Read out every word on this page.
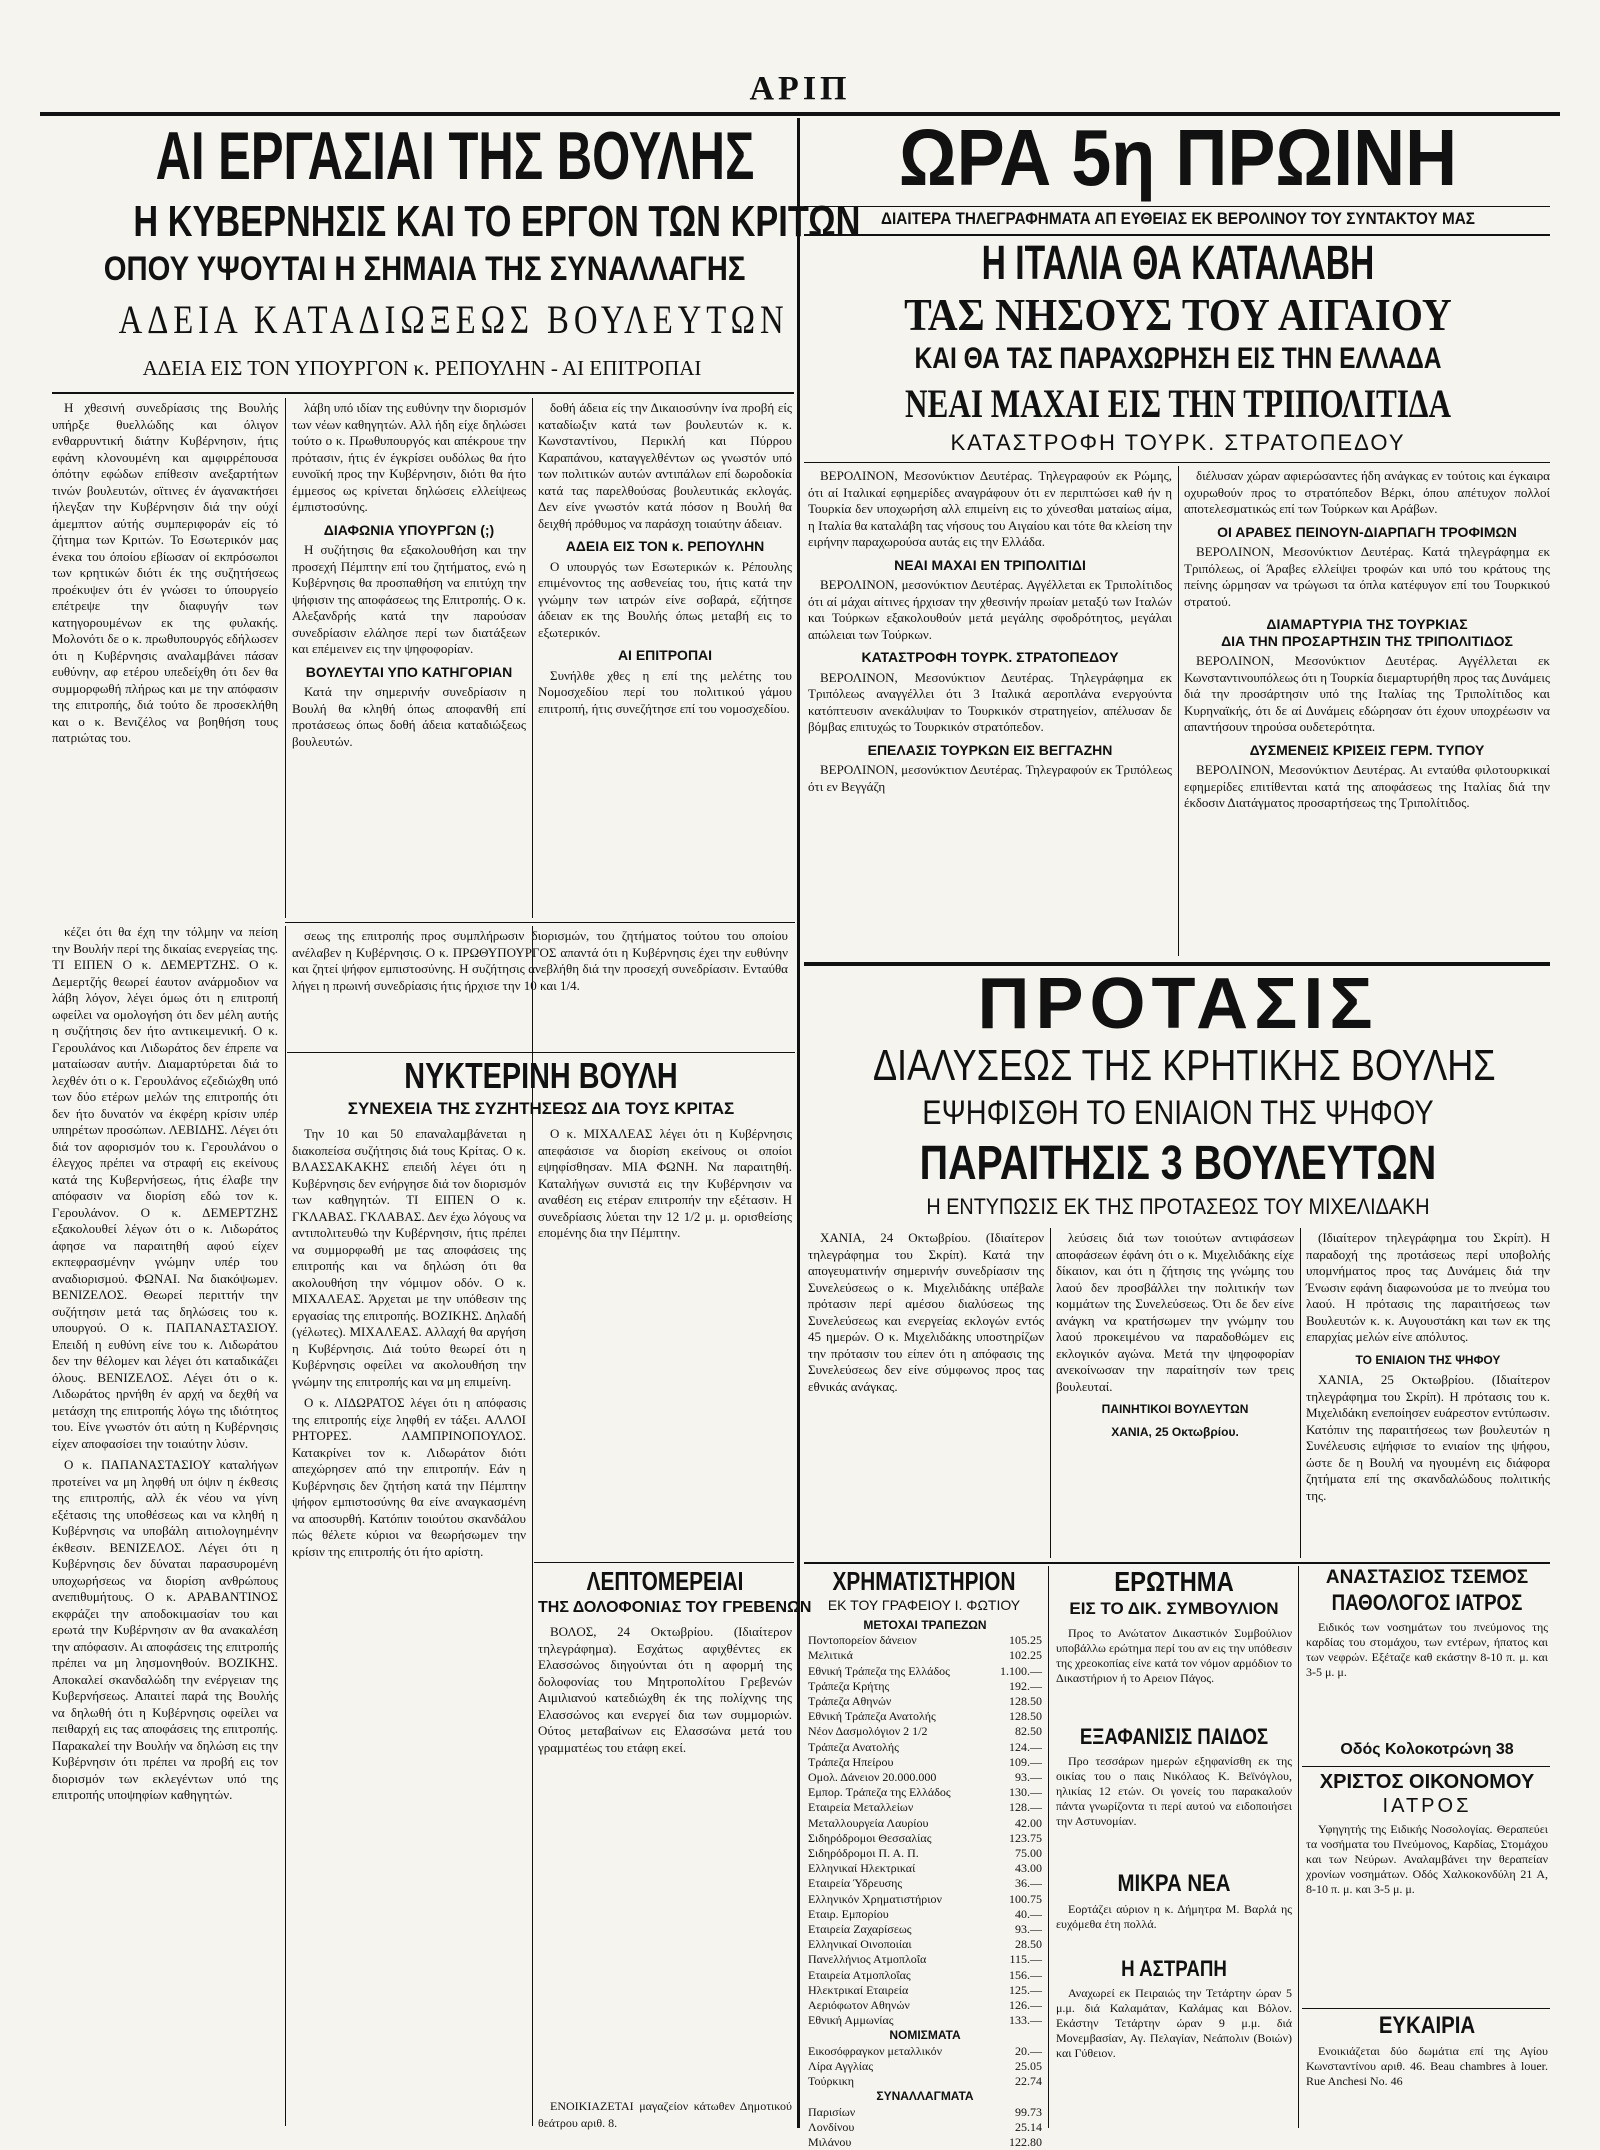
ΑΡΙΠ
ΑΙ ΕΡΓΑΣΙΑΙ ΤΗΣ ΒΟΥΛΗΣ
Η ΚΥΒΕΡΝΗΣΙΣ ΚΑΙ ΤΟ ΕΡΓΟΝ ΤΩΝ ΚΡΙΤΩΝ
ΟΠΟΥ ΥΨΟΥΤΑΙ Η ΣΗΜΑΙΑ ΤΗΣ ΣΥΝΑΛΛΑΓΗΣ
ΑΔΕΙΑ ΚΑΤΑΔΙΩΞΕΩΣ ΒΟΥΛΕΥΤΩΝ
ΑΔΕΙΑ ΕΙΣ ΤΟΝ ΥΠΟΥΡΓΟΝ κ. ΡΕΠΟΥΛΗΝ - ΑΙ ΕΠΙΤΡΟΠΑΙ

Η χθεσινή συνεδρίασις της Βουλής υπήρξε θυελλώδης και όλιγον ενθαρρυντική διάτην Κυβέρνησιν, ήτις εφάνη κλονουμένη και αμφιρρέπουσα όπότην εφώδων επίθεσιν ανεξαρτήτων τινών βουλευτών, οϊτινες έν άγανακτήσει ήλεγξαν την Κυβέρνησιν διά την ούχί άμεμπτον αύτής συμπεριφοράν είς τό ζήτημα των Κριτών. Το Εσωτερικόν μας ένεκα του όποίου εβίωσαν οί εκπρόσωποι των κρητικών διότι έκ της συζητήσεως προέκυψεν ότι έν γνώσει το ύπουργείο επέτρεψε την διαφυγήν των κατηγορουμένων εκ της φυλακής. Μολονότι δε ο κ. πρωθυπουργός εδήλωσεν ότι η Κυβέρνησις αναλαμβάνει πάσαν ευθύνην, αφ ετέρου υπεδείχθη ότι δεν θα συμμορφωθή πλήρως και με την απόφασιν της επιτροπής, διά τούτο δε προσεκλήθη και ο κ. Βενιζέλος να βοηθήση τους πατριώτας του.

λάβη υπό ιδίαν της ευθύνην την διορισμόν των νέων καθηγητών. Αλλ ήδη είχε δηλώσει τούτο ο κ. Πρωθυπουργός και απέκρουε την πρότασιν, ήτις έν έγκρίσει ουδόλως θα ήτο ευνοϊκή προς την Κυβέρνησιν, διότι θα ήτο έμμεσος ως κρίνεται δηλώσεις ελλείψεως έμπιστοσύνης.

ΔΙΑΦΩΝΙΑ ΥΠΟΥΡΓΩΝ (;)

Η συζήτησις θα εξακολουθήση και την προσεχή Πέμπτην επί του ζητήματος, ενώ η Κυβέρνησις θα προσπαθήση να επιτύχη την ψήφισιν της αποφάσεως της Επιτροπής. Ο κ. Αλεξανδρής κατά την παρούσαν συνεδρίασιν ελάλησε περί των διατάξεων και επέμεινεν εις την ψηφοφορίαν.

ΒΟΥΛΕΥΤΑΙ ΥΠΟ ΚΑΤΗΓΟΡΙΑΝ

Κατά την σημερινήν συνεδρίασιν η Βουλή θα κληθή όπως αποφανθή επί προτάσεως όπως δοθή άδεια καταδιώξεως βουλευτών.

δοθή άδεια είς την Δικαιοσύνην ίνα προβή είς καταδίωξιν κατά των βουλευτών κ. κ. Κωνσταντίνου, Περικλή και Πύρρου Καραπάνου, καταγγελθέντων ως γνωστόν υπό των πολιτικών αυτών αντιπάλων επί δωροδοκία κατά τας παρελθούσας βουλευτικάς εκλογάς. Δεν είνε γνωστόν κατά πόσον η Βουλή θα δειχθή πρόθυμος να παράσχη τοιαύτην άδειαν.

ΑΔΕΙΑ ΕΙΣ ΤΟΝ κ. ΡΕΠΟΥΛΗΝ

Ο υπουργός των Εσωτερικών κ. Ρέπουλης επιμένοντος της ασθενείας του, ήτις κατά την γνώμην των ιατρών είνε σοβαρά, εζήτησε άδειαν εκ της Βουλής όπως μεταβή εις το εξωτερικόν.

ΑΙ ΕΠΙΤΡΟΠΑΙ

Συνήλθε χθες η επί της μελέτης του Νομοσχεδίου περί του πολιτικού γάμου επιτροπή, ήτις συνεζήτησε επί του νομοσχεδίου.

κέζει ότι θα έχη την τόλμην να πείση την Βουλήν περί της δικαίας ενεργείας της. ΤΙ ΕΙΠΕΝ Ο κ. ΔΕΜΕΡΤΖΗΣ. Ο κ. Δεμερτζής θεωρεί έαυτον ανάρμοδιον να λάβη λόγον, λέγει όμως ότι η επιτροπή ωφείλει να ομολογήση ότι δεν μέλη αυτής η συζήτησις δεν ήτο αντικειμενική. Ο κ. Γερουλάνος και Λιδωράτος δεν έπρεπε να ματαίωσαν αυτήν. Διαμαρτύρεται διά το λεχθέν ότι ο κ. Γερουλάνος εζεδιώχθη υπό των δύο ετέρων μελών της επιτροπής ότι δεν ήτο δυνατόν να έκφέρη κρίσιν υπέρ υπηρέτων προσώπων. ΛΕΒΙΔΗΣ. Λέγει ότι διά τον αφορισμόν του κ. Γερουλάνου ο έλεγχος πρέπει να στραφή εις εκείνους κατά της Κυβερνήσεως, ήτις έλαβε την απόφασιν να διορίση εδώ τον κ. Γερουλάνον. Ο κ. ΔΕΜΕΡΤΖΗΣ εξακολουθεί λέγων ότι ο κ. Λιδωράτος άφησε να παραιτηθή αφού είχεν εκπεφρασμένην γνώμην υπέρ του αναδιορισμού. ΦΩΝΑΙ. Να διακόψωμεν. ΒΕΝΙΖΕΛΟΣ. Θεωρεί περιττήν την συζήτησιν μετά τας δηλώσεις του κ. υπουργού. Ο κ. ΠΑΠΑΝΑΣΤΑΣΙΟΥ. Επειδή η ευθύνη είνε του κ. Λιδωράτου δεν την θέλομεν και λέγει ότι καταδικάζει όλους. ΒΕΝΙΖΕΛΟΣ. Λέγει ότι ο κ. Λιδωράτος ηρνήθη έν αρχή να δεχθή να μετάσχη της επιτροπής λόγω της ιδιότητος του. Είνε γνωστόν ότι αύτη η Κυβέρνησις είχεν αποφασίσει την τοιαύτην λύσιν.

Ο κ. ΠΑΠΑΝΑΣΤΑΣΙΟΥ καταλήγων προτείνει να μη ληφθή υπ όψιν η έκθεσις της επιτροπής, αλλ έκ νέου να γίνη εξέτασις της υποθέσεως και να κληθή η Κυβέρνησις να υποβάλη αιτιολογημένην έκθεσιν. ΒΕΝΙΖΕΛΟΣ. Λέγει ότι η Κυβέρνησις δεν δύναται παρασυρομένη υποχωρήσεως να διορίση ανθρώπους ανεπιθυμήτους. Ο κ. ΑΡΑΒΑΝΤΙΝΟΣ εκφράζει την αποδοκιμασίαν του και ερωτά την Κυβέρνησιν αν θα ανακαλέση την απόφασιν. Αι αποφάσεις της επιτροπής πρέπει να μη λησμονηθούν. ΒΟΖΙΚΗΣ. Αποκαλεί σκανδαλώδη την ενέργειαν της Κυβερνήσεως. Απαιτεί παρά της Βουλής να δηλωθή ότι η Κυβέρνησις οφείλει να πειθαρχή εις τας αποφάσεις της επιτροπής. Παρακαλεί την Βουλήν να δηλώση εις την Κυβέρνησιν ότι πρέπει να προβή εις τον διορισμόν των εκλεγέντων υπό της επιτροπής υποψηφίων καθηγητών.

σεως της επιτροπής προς συμπλήρωσιν διορισμών, του ζητήματος τούτου του οποίου ανέλαβεν η Κυβέρνησις. Ο κ. ΠΡΩΘΥΠΟΥΡΓΟΣ απαντά ότι η Κυβέρνησις έχει την ευθύνην και ζητεί ψήφον εμπιστοσύνης. Η συζήτησις ανεβλήθη διά την προσεχή συνεδρίασιν. Ενταύθα λήγει η πρωινή συνεδρίασις ήτις ήρχισε την 10 και 1/4.

ΝΥΚΤΕΡΙΝΗ ΒΟΥΛΗ
ΣΥΝΕΧΕΙΑ ΤΗΣ ΣΥΖΗΤΗΣΕΩΣ ΔΙΑ ΤΟΥΣ ΚΡΙΤΑΣ

Την 10 και 50 επαναλαμβάνεται η διακοπείσα συζήτησις διά τους Κρίτας. Ο κ. ΒΛΑΣΣΑΚΑΚΗΣ επειδή λέγει ότι η Κυβέρνησις δεν ενήργησε διά τον διορισμόν των καθηγητών. ΤΙ ΕΙΠΕΝ Ο κ. ΓΚΛΑΒΑΣ. ΓΚΛΑΒΑΣ. Δεν έχω λόγους να αντιπολιτευθώ την Κυβέρνησιν, ήτις πρέπει να συμμορφωθή με τας αποφάσεις της επιτροπής και να δηλώση ότι θα ακολουθήση την νόμιμον οδόν. Ο κ. ΜΙΧΑΛΕΑΣ. Άρχεται με την υπόθεσιν της εργασίας της επιτροπής. ΒΟΖΙΚΗΣ. Δηλαδή (γέλωτες). ΜΙΧΑΛΕΑΣ. Αλλαχή θα αργήση η Κυβέρνησις. Διά τούτο θεωρεί ότι η Κυβέρνησις οφείλει να ακολουθήση την γνώμην της επιτροπής και να μη επιμείνη.

Ο κ. ΛΙΔΩΡΑΤΟΣ λέγει ότι η απόφασις της επιτροπής είχε ληφθή εν τάξει. ΑΛΛΟΙ ΡΗΤΟΡΕΣ. ΛΑΜΠΡΙΝΟΠΟΥΛΟΣ. Κατακρίνει τον κ. Λιδωράτον διότι απεχώρησεν από την επιτροπήν. Εάν η Κυβέρνησις δεν ζητήση κατά την Πέμπτην ψήφον εμπιστοσύνης θα είνε αναγκασμένη να αποσυρθή. Κατόπιν τοιούτου σκανδάλου πώς θέλετε κύριοι να θεωρήσωμεν την κρίσιν της επιτροπής ότι ήτο αρίστη.

Ο κ. ΜΙΧΑΛΕΑΣ λέγει ότι η Κυβέρνησις απεφάσισε να διορίση εκείνους οι οποίοι εψηφίσθησαν. ΜΙΑ ΦΩΝΗ. Να παραιτηθή. Καταλήγων συνιστά εις την Κυβέρνησιν να αναθέση εις ετέραν επιτροπήν την εξέτασιν. Η συνεδρίασις λύεται την 12 1/2 μ. μ. ορισθείσης επομένης δια την Πέμπτην.

ΛΕΠΤΟΜΕΡΕΙΑΙ
ΤΗΣ ΔΟΛΟΦΟΝΙΑΣ ΤΟΥ ΓΡΕΒΕΝΩΝ

ΒΟΛΟΣ, 24 Οκτωβρίου. (Ιδιαίτερον τηλεγράφημα). Εσχάτως αφιχθέντες εκ Ελασσώνος διηγούνται ότι η αφορμή της δολοφονίας του Μητροπολίτου Γρεβενών Αιμιλιανού κατεδιώχθη έκ της πολίχνης της Ελασσώνος και ενεργεί δια των συμμοριών. Ούτος μεταβαίνων εις Ελασσώνα μετά του γραμματέως του ετάφη εκεί.

ΕΝΟΙΚΙΑΖΕΤΑΙ μαγαζείον κάτωθεν Δημοτικού θεάτρου αριθ. 8.

ΩΡΑ 5η ΠΡΩΙΝΗ
ΔΙΑΙΤΕΡΑ ΤΗΛΕΓΡΑΦΗΜΑΤΑ ΑΠ ΕΥΘΕΙΑΣ ΕΚ ΒΕΡΟΛΙΝΟΥ ΤΟΥ ΣΥΝΤΑΚΤΟΥ ΜΑΣ
Η ΙΤΑΛΙΑ ΘΑ ΚΑΤΑΛΑΒΗ
ΤΑΣ ΝΗΣΟΥΣ ΤΟΥ ΑΙΓΑΙΟΥ
ΚΑΙ ΘΑ ΤΑΣ ΠΑΡΑΧΩΡΗΣΗ ΕΙΣ ΤΗΝ ΕΛΛΑΔΑ
ΝΕΑΙ ΜΑΧΑΙ ΕΙΣ ΤΗΝ ΤΡΙΠΟΛΙΤΙΔΑ
ΚΑΤΑΣΤΡΟΦΗ ΤΟΥΡΚ. ΣΤΡΑΤΟΠΕΔΟΥ

ΒΕΡΟΛΙΝΟΝ, Μεσονύκτιον Δευτέρας. Τηλεγραφούν εκ Ρώμης, ότι αί Ιταλικαί εφημερίδες αναγράφουν ότι εν περιπτώσει καθ ήν η Τουρκία δεν υποχωρήση αλλ επιμείνη εις το χύνεσθαι ματαίως αίμα, η Ιταλία θα καταλάβη τας νήσους του Αιγαίου και τότε θα κλείση την ειρήνην παραχωρούσα αυτάς εις την Ελλάδα.

ΝΕΑΙ ΜΑΧΑΙ ΕΝ ΤΡΙΠΟΛΙΤΙΔΙ

ΒΕΡΟΛΙΝΟΝ, μεσονύκτιον Δευτέρας. Αγγέλλεται εκ Τριπολίτιδος ότι αί μάχαι αίτινες ήρχισαν την χθεσινήν πρωίαν μεταξύ των Ιταλών και Τούρκων εξακολουθούν μετά μεγάλης σφοδρότητος, μεγάλαι απώλειαι των Τούρκων.

ΚΑΤΑΣΤΡΟΦΗ ΤΟΥΡΚ. ΣΤΡΑΤΟΠΕΔΟΥ

ΒΕΡΟΛΙΝΟΝ, Μεσονύκτιον Δευτέρας. Τηλεγράφημα εκ Τριπόλεως αναγγέλλει ότι 3 Ιταλικά αεροπλάνα ενεργούντα κατόπτευσιν ανεκάλυψαν το Τουρκικόν στρατηγείον, απέλυσαν δε βόμβας επιτυχώς το Τουρκικόν στρατόπεδον.

ΕΠΕΛΑΣΙΣ ΤΟΥΡΚΩΝ ΕΙΣ ΒΕΓΓΑΖΗΝ

ΒΕΡΟΛΙΝΟΝ, μεσονύκτιον Δευτέρας. Τηλεγραφούν εκ Τριπόλεως ότι εν Βεγγάζη

διέλυσαν χώραν αφιερώσαντες ήδη ανάγκας εν τούτοις και έγκαιρα οχυρωθούν προς το στρατόπεδον Βέρκι, όπου απέτυχον πολλοί αποτελεσματικώς επί των Τούρκων και Αράβων.

ΟΙ ΑΡΑΒΕΣ ΠΕΙΝΟΥΝ-ΔΙΑΡΠΑΓΗ ΤΡΟΦΙΜΩΝ

ΒΕΡΟΛΙΝΟΝ, Μεσονύκτιον Δευτέρας. Κατά τηλεγράφημα εκ Τριπόλεως, οί Άραβες ελλείψει τροφών και υπό του κράτους της πείνης ώρμησαν να τρώγωσι τα όπλα κατέφυγον επί του Τουρκικού στρατού.

ΔΙΑΜΑΡΤΥΡΙΑ ΤΗΣ ΤΟΥΡΚΙΑΣ
ΔΙΑ ΤΗΝ ΠΡΟΣΑΡΤΗΣΙΝ ΤΗΣ ΤΡΙΠΟΛΙΤΙΔΟΣ

ΒΕΡΟΛΙΝΟΝ, Μεσονύκτιον Δευτέρας. Αγγέλλεται εκ Κωνσταντινουπόλεως ότι η Τουρκία διεμαρτυρήθη προς τας Δυνάμεις διά την προσάρτησιν υπό της Ιταλίας της Τριπολίτιδος και Κυρηναϊκής, ότι δε αί Δυνάμεις εδώρησαν ότι έχουν υποχρέωσιν να απαντήσουν τηρούσα ουδετερότητα.

ΔΥΣΜΕΝΕΙΣ ΚΡΙΣΕΙΣ ΓΕΡΜ. ΤΥΠΟΥ

ΒΕΡΟΛΙΝΟΝ, Μεσονύκτιον Δευτέρας. Αι ενταύθα φιλοτουρκικαί εφημερίδες επιτίθενται κατά της αποφάσεως της Ιταλίας διά την έκδοσιν Διατάγματος προσαρτήσεως της Τριπολίτιδος.

ΠΡΟΤΑΣΙΣ
ΔΙΑΛΥΣΕΩΣ ΤΗΣ ΚΡΗΤΙΚΗΣ ΒΟΥΛΗΣ
ΕΨΗΦΙΣΘΗ ΤΟ ΕΝΙΑΙΟΝ ΤΗΣ ΨΗΦΟΥ
ΠΑΡΑΙΤΗΣΙΣ 3 ΒΟΥΛΕΥΤΩΝ
Η ΕΝΤΥΠΩΣΙΣ ΕΚ ΤΗΣ ΠΡΟΤΑΣΕΩΣ ΤΟΥ ΜΙΧΕΛΙΔΑΚΗ

ΧΑΝΙΑ, 24 Οκτωβρίου. (Ιδιαίτερον τηλεγράφημα του Σκρίπ). Κατά την απογευματινήν σημερινήν συνεδρίασιν της Συνελεύσεως ο κ. Μιχελιδάκης υπέβαλε πρότασιν περί αμέσου διαλύσεως της Συνελεύσεως και ενεργείας εκλογών εντός 45 ημερών. Ο κ. Μιχελιδάκης υποστηρίζων την πρότασιν του είπεν ότι η απόφασις της Συνελεύσεως δεν είνε σύμφωνος προς τας εθνικάς ανάγκας.

λεύσεις διά των τοιούτων αντιφάσεων αποφάσεων έφάνη ότι ο κ. Μιχελιδάκης είχε δίκαιον, και ότι η ζήτησις της γνώμης του λαού δεν προσβάλλει την πολιτικήν των κομμάτων της Συνελεύσεως. Ότι δε δεν είνε ανάγκη να κρατήσωμεν την γνώμην του λαού προκειμένου να παραδοθώμεν εις εκλογικόν αγώνα. Μετά την ψηφοφορίαν ανεκοίνωσαν την παραίτησίν των τρεις βουλευταί.

ΠΑΙΝΗΤΙΚΟΙ ΒΟΥΛΕΥΤΩΝ
ΧΑΝΙΑ, 25 Οκτωβρίου.

(Ιδιαίτερον τηλεγράφημα του Σκρίπ). Η παραδοχή της προτάσεως περί υποβολής υπομνήματος προς τας Δυνάμεις διά την Ένωσιν εφάνη διαφωνούσα με το πνεύμα του λαού. Η πρότασις της παραιτήσεως των Βουλευτών κ. κ. Αυγουστάκη και των εκ της επαρχίας μελών είνε απόλυτος.

ΤΟ ΕΝΙΑΙΟΝ ΤΗΣ ΨΗΦΟΥ

ΧΑΝΙΑ, 25 Οκτωβρίου. (Ιδιαίτερον τηλεγράφημα του Σκρίπ). Η πρότασις του κ. Μιχελιδάκη ενεποίησεν ευάρεστον εντύπωσιν. Κατόπιν της παραιτήσεως των βουλευτών η Συνέλευσις εψήφισε το ενιαίον της ψήφου, ώστε δε η Βουλή να ηγουμένη εις διάφορα ζητήματα επί της σκανδαλώδους πολιτικής της.

ΧΡΗΜΑΤΙΣΤΗΡΙΟΝ
ΕΚ ΤΟΥ ΓΡΑΦΕΙΟΥ Ι. ΦΩΤΙΟΥ
ΜΕΤΟΧΑΙ ΤΡΑΠΕΖΩΝ
Ποντοπορείον δάνειον	105.25
Μελιτικά	102.25
Εθνική Τράπεζα της Ελλάδος	1.100.—
Τράπεζα Κρήτης	192.—
Τράπεζα Αθηνών	128.50
Εθνική Τράπεζα Ανατολής	128.50
Νέον Δασμολόγιον 2 1/2	82.50
Τράπεζα Ανατολής	124.—
Τράπεζα Ηπείρου	109.—
Ομολ. Δάνειον 20.000.000	93.—
Εμπορ. Τράπεζα της Ελλάδος	130.—
Εταιρεία Μεταλλείων	128.—
Μεταλλουργεία Λαυρίου	42.00
Σιδηρόδρομοι Θεσσαλίας	123.75
Σιδηρόδρομοι Π. Α. Π.	75.00
Ελληνικαί Ηλεκτρικαί	43.00
Εταιρεία Ύδρευσης	36.—
Ελληνικόν Χρηματιστήριον	100.75
Εταιρ. Εμπορίου	40.—
Εταιρεία Ζαχαρίσεως	93.—
Ελληνικαί Οινοποιίαι	28.50
Πανελλήνιος Ατμοπλοΐα	115.—
Εταιρεία Ατμοπλοΐας	156.—
Ηλεκτρικαί Εταιρεία	125.—
Αεριόφωτον Αθηνών	126.—
Εθνική Αμμωνίας	133.—
ΝΟΜΙΣΜΑΤΑ
Εικοσόφραγκον μεταλλικόν	20.—
Λίρα Αγγλίας	25.05
Τούρκικη	22.74
ΣΥΝΑΛΛΑΓΜΑΤΑ
Παρισίων	99.73
Λονδίνου	25.14
Μιλάνου	122.80
ΕΡΩΤΗΜΑ
ΕΙΣ ΤΟ ΔΙΚ. ΣΥΜΒΟΥΛΙΟΝ

Προς το Ανώτατον Δικαστικόν Συμβούλιον υποβάλλω ερώτημα περί του αν εις την υπόθεσιν της χρεοκοπίας είνε κατά τον νόμον αρμόδιον το Δικαστήριον ή το Αρειον Πάγος.

ΕΞΑΦΑΝΙΣΙΣ ΠΑΙΔΟΣ

Προ τεσσάρων ημερών εξηφανίσθη εκ της οικίας του ο παις Νικόλαος Κ. Βεϊνόγλου, ηλικίας 12 ετών. Οι γονείς του παρακαλούν πάντα γνωρίζοντα τι περί αυτού να ειδοποιήσει την Αστυνομίαν.

ΜΙΚΡΑ ΝΕΑ

Εορτάζει αύριον η κ. Δήμητρα Μ. Βαρλά ης ευχόμεθα έτη πολλά.

Η ΑΣΤΡΑΠΗ

Αναχωρεί εκ Πειραιώς την Τετάρτην ώραν 5 μ.μ. διά Καλαμάταν, Καλάμας και Βόλον. Εκάστην Τετάρτην ώραν 9 μ.μ. διά Μονεμβασίαν, Αγ. Πελαγίαν, Νεάπολιν (Βοιών) και Γύθειον.

ΑΝΑΣΤΑΣΙΟΣ ΤΣΕΜΟΣ
ΠΑΘΟΛΟΓΟΣ ΙΑΤΡΟΣ

Ειδικός των νοσημάτων του πνεύμονος της καρδίας του στομάχου, των εντέρων, ήπατος και των νεφρών. Εξέταζε καθ εκάστην 8-10 π. μ. και 3-5 μ. μ.

Οδός Κολοκοτρώνη 38
ΧΡΙΣΤΟΣ ΟΙΚΟΝΟΜΟΥ
ΙΑΤΡΟΣ

Υφηγητής της Ειδικής Νοσολογίας. Θεραπεύει τα νοσήματα του Πνεύμονος, Καρδίας, Στομάχου και των Νεύρων. Αναλαμβάνει την θεραπείαν χρονίων νοσημάτων. Οδός Χαλκοκονδύλη 21 Α, 8-10 π. μ. και 3-5 μ. μ.

ΕΥΚΑΙΡΙΑ

Ενοικιάζεται δύο δωμάτια επί της Αγίου Κωνσταντίνου αριθ. 46. Beau chambres à louer. Rue Anchesi No. 46
